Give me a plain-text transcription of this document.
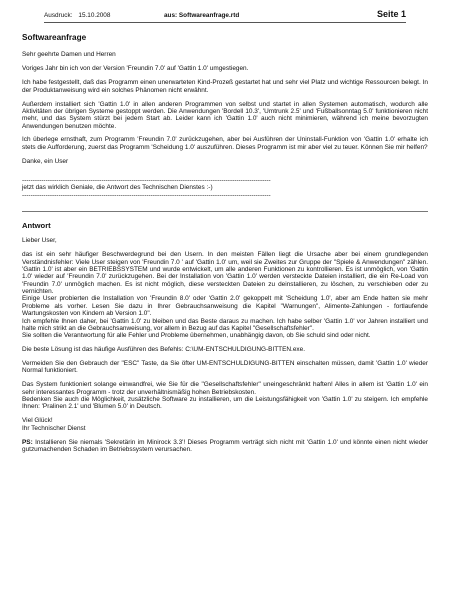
Ausdruck: 15.10.2008	aus: Softwareanfrage.rtd	Seite 1
Softwareanfrage

Sehr geehrte Damen und Herren

Voriges Jahr bin ich von der Version 'Freundin 7.0' auf 'Gattin 1.0' umgestiegen.

Ich habe festgestellt, daß das Programm einen unerwarteten Kind-Prozeß gestartet hat und sehr viel Platz und wichtige Ressourcen belegt. In der Produktanweisung wird ein solches Phänomen nicht erwähnt.

Außerdem installiert sich 'Gattin 1.0' in allen anderen Programmen von selbst und startet in allen Systemen automatisch, wodurch alle Aktivitäten der übrigen Systeme gestoppt werden. Die Anwendungen 'Bordell 10.3', 'Umtrunk 2.5' und 'Fußballsonntag 5.0' funktionieren nicht mehr, und das System stürzt bei jedem Start ab. Leider kann ich 'Gattin 1.0' auch nicht minimieren, während ich meine bevorzugten Anwendungen benutzen möchte.

Ich überlege ernsthaft, zum Programm 'Freundin 7.0' zurückzugehen, aber bei Ausführen der Uninstall-Funktion von 'Gattin 1.0' erhalte ich stets die Aufforderung, zuerst das Programm 'Scheidung 1.0' auszuführen. Dieses Programm ist mir aber viel zu teuer. Können Sie mir helfen?

Danke, ein User

--------------------------------------------------------------------------------------------------------------------

jetzt das wirklich Geniale, die Antwort des Technischen Dienstes :-)

--------------------------------------------------------------------------------------------------------------------

Antwort

Lieber User,

das ist ein sehr häufiger Beschwerdegrund bei den Usern. In den meisten Fällen liegt die Ursache aber bei einem grundlegenden Verständnisfehler: Viele User steigen von 'Freundin 7.0 ' auf 'Gattin 1.0' um, weil sie Zweites zur Gruppe der "Spiele & Anwendungen" zählen. 'Gattin 1.0' ist aber ein BETRIEBSSYSTEM und wurde entwickelt, um alle anderen Funktionen zu kontrollieren. Es ist unmöglich, von 'Gattin 1.0' wieder auf 'Freundin 7.0' zurückzugehen. Bei der Installation von 'Gattin 1.0' werden versteckte Dateien installiert, die ein Re-Load von 'Freundin 7.0' unmöglich machen. Es ist nicht möglich, diese versteckten Dateien zu deinstallieren, zu löschen, zu verschieben oder zu vernichten.
Einige User probierten die Installation von 'Freundin 8.0' oder 'Gattin 2.0' gekoppelt mit 'Scheidung 1.0', aber am Ende hatten sie mehr Probleme als vorher. Lesen Sie dazu in Ihrer Gebrauchsanweisung die Kapitel "Warnungen", Alimente-Zahlungen - fortlaufende Wartungskosten von Kindern ab Version 1.0".
Ich empfehle Ihnen daher, bei 'Gattin 1.0' zu bleiben und das Beste daraus zu machen. Ich habe selber 'Gattin 1.0' vor Jahren installiert und halte mich strikt an die Gebrauchsanweisung, vor allem in Bezug auf das Kapitel "Gesellschaftsfehler".
Sie sollten die Verantwortung für alle Fehler und Probleme übernehmen, unabhängig davon, ob Sie schuld sind oder nicht.

Die beste Lösung ist das häufige Ausführen des Befehls: C:\UM-ENTSCHULDIGUNG-BITTEN.exe.

Vermeiden Sie den Gebrauch der "ESC" Taste, da Sie öfter UM-ENTSCHULDIGUNG-BITTEN einschalten müssen, damit 'Gattin 1.0' wieder Normal funktioniert.

Das System funktioniert solange einwandfrei, wie Sie für die "Gesellschaftsfehler" uneingeschränkt haften! Alles in allem ist 'Gattin 1.0' ein sehr interessantes Programm - trotz der unverhältnismäßig hohen Betriebskosten.
Bedenken Sie auch die Möglichkeit, zusätzliche Software zu installieren, um die Leistungsfähigkeit von 'Gattin 1.0' zu steigern. Ich empfehle Ihnen: 'Pralinen 2.1' und 'Blumen 5.0' in Deutsch.

Viel Glück!
Ihr Technischer Dienst

PS: Installieren Sie niemals 'Sekretärin im Minirock 3.3'! Dieses Programm verträgt sich nicht mit 'Gattin 1.0' und könnte einen nicht wieder gutzumachenden Schaden im Betriebssystem verursachen.
